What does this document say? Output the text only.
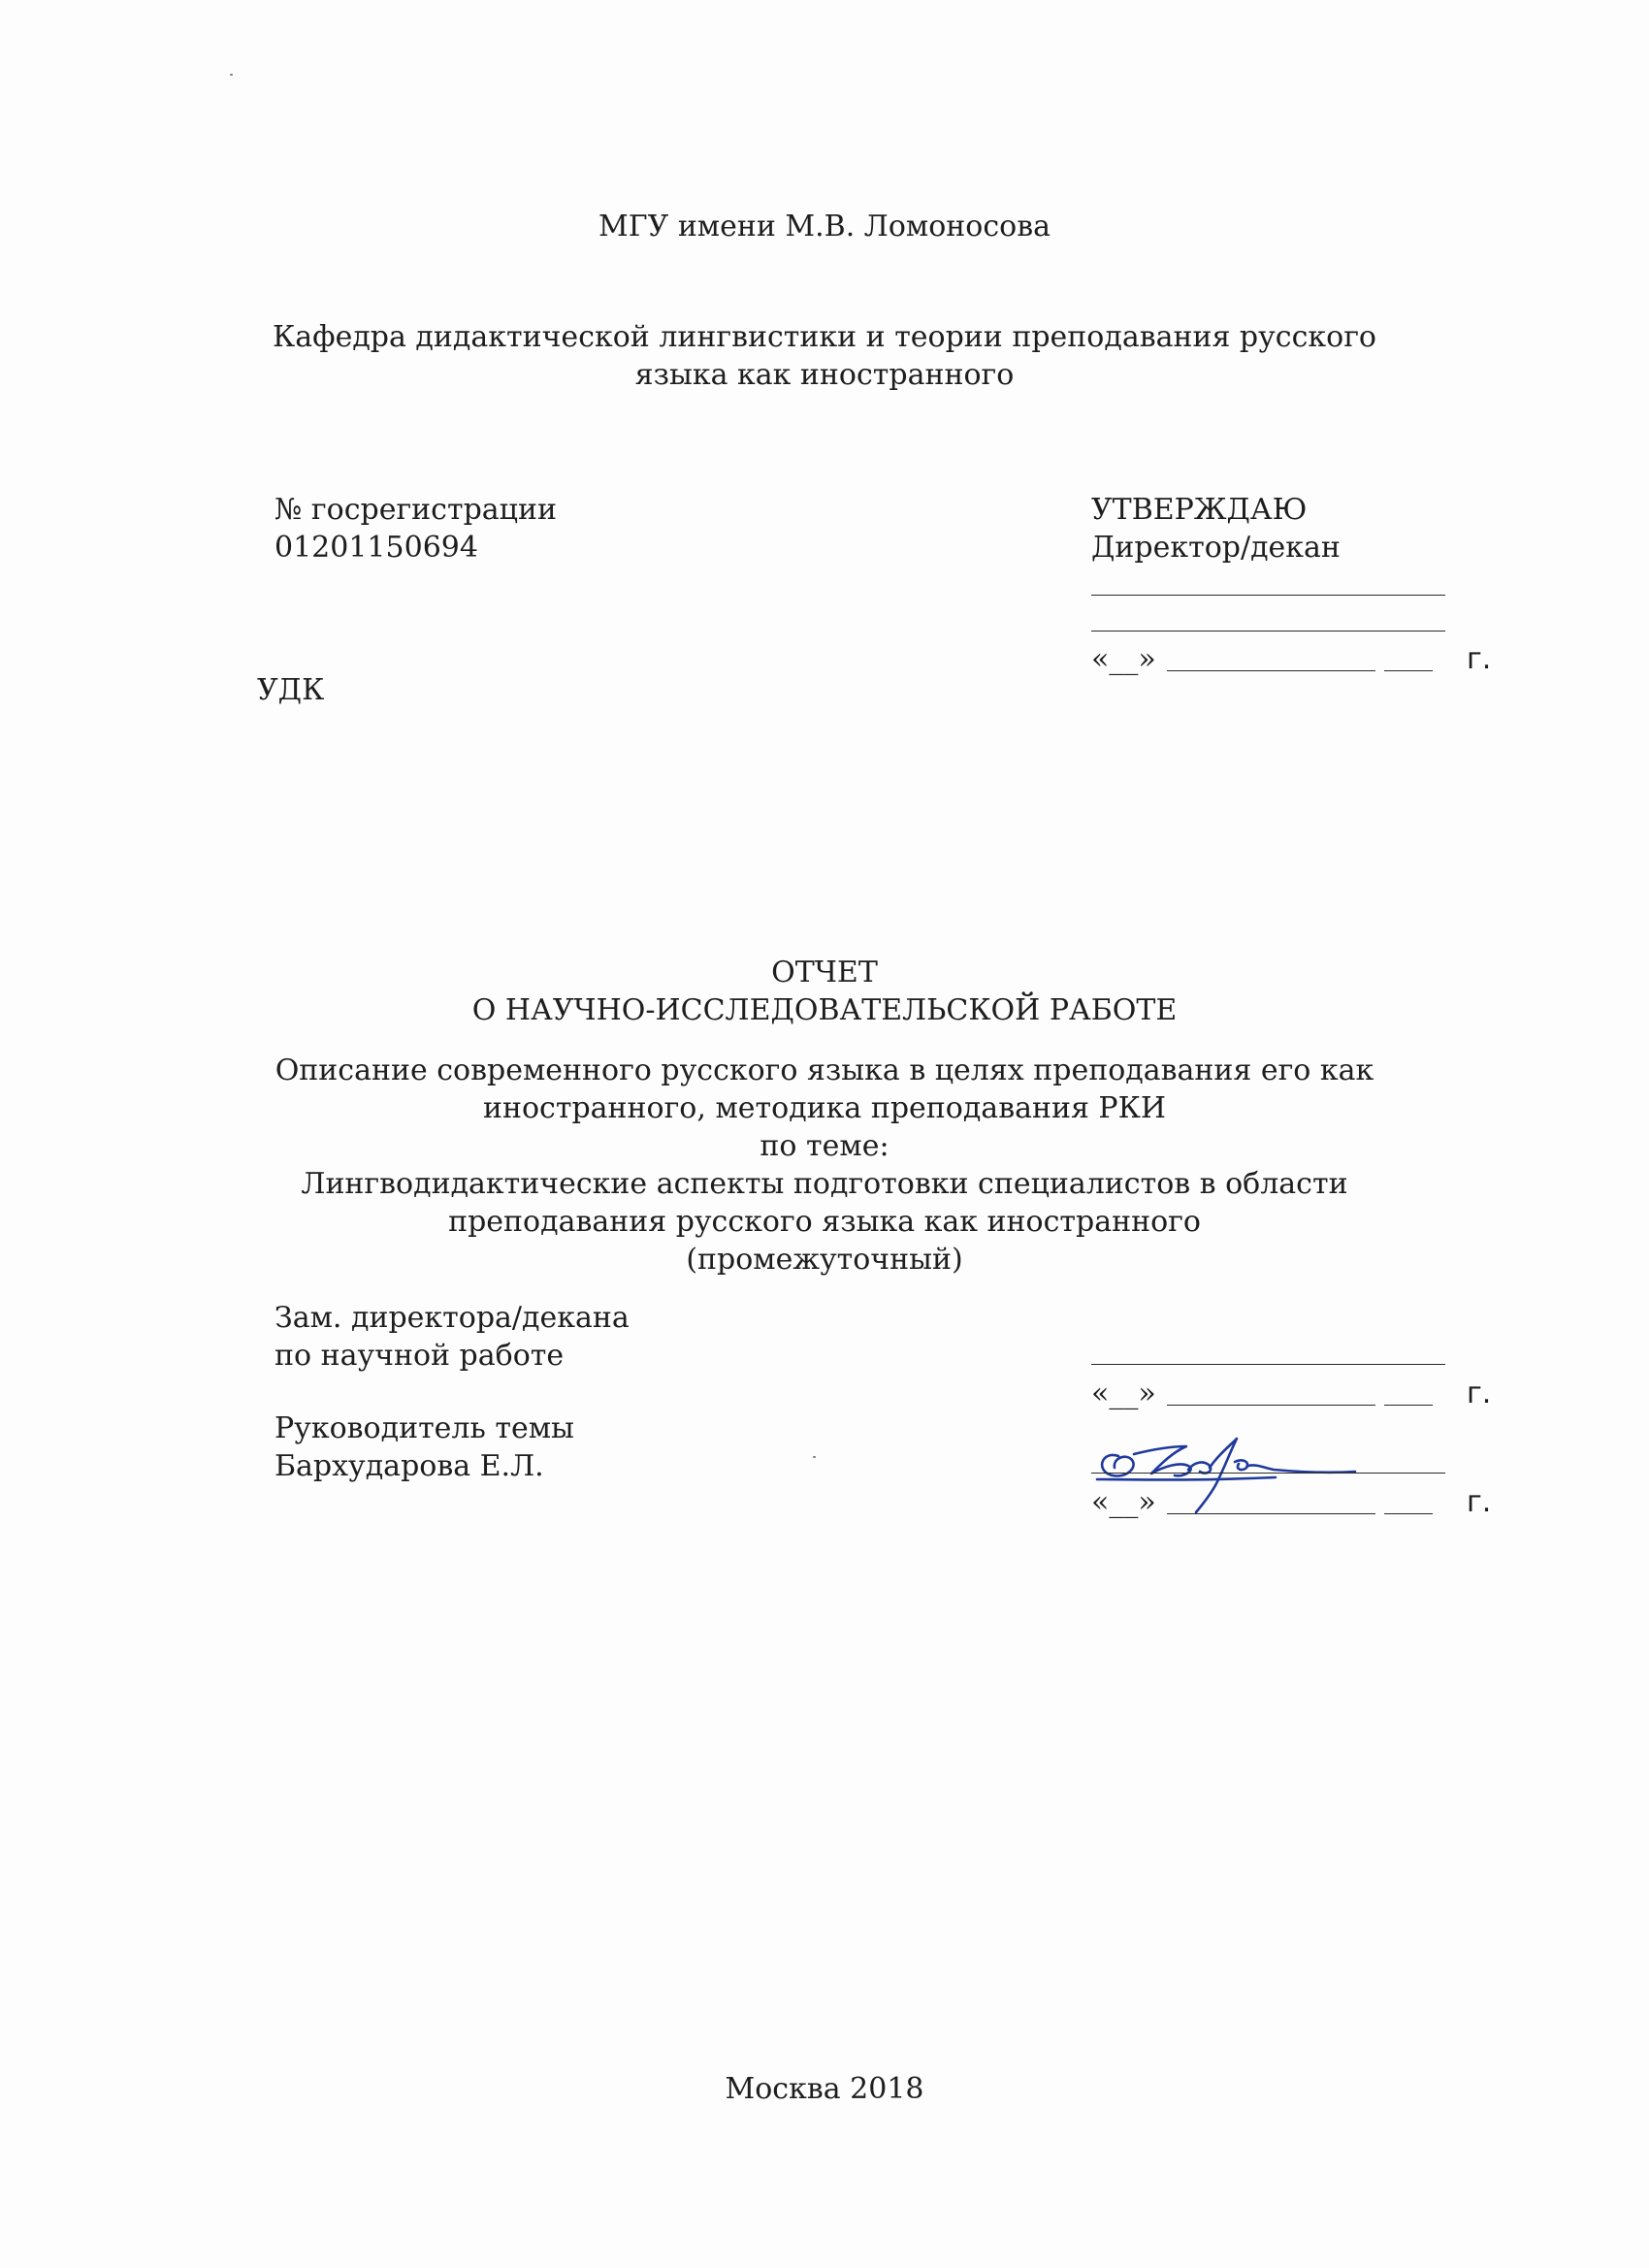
МГУ имени М.В. Ломоносова
Кафедра дидактической лингвистики и теории преподавания русского
языка как иностранного
№ госрегистрации
01201150694
УТВЕРЖДАЮ
Директор/декан
«__»	г.
УДК
ОТЧЕТ
О НАУЧНО-ИССЛЕДОВАТЕЛЬСКОЙ РАБОТЕ
Описание современного русского языка в целях преподавания его как
иностранного, методика преподавания РКИ
по теме:
Лингводидактические аспекты подготовки специалистов в области
преподавания русского языка как иностранного
(промежуточный)
Зам. директора/декана
по научной работе
«__»	г.
Руководитель темы
Бархударова Е.Л.
«__»	г.
Москва 2018
